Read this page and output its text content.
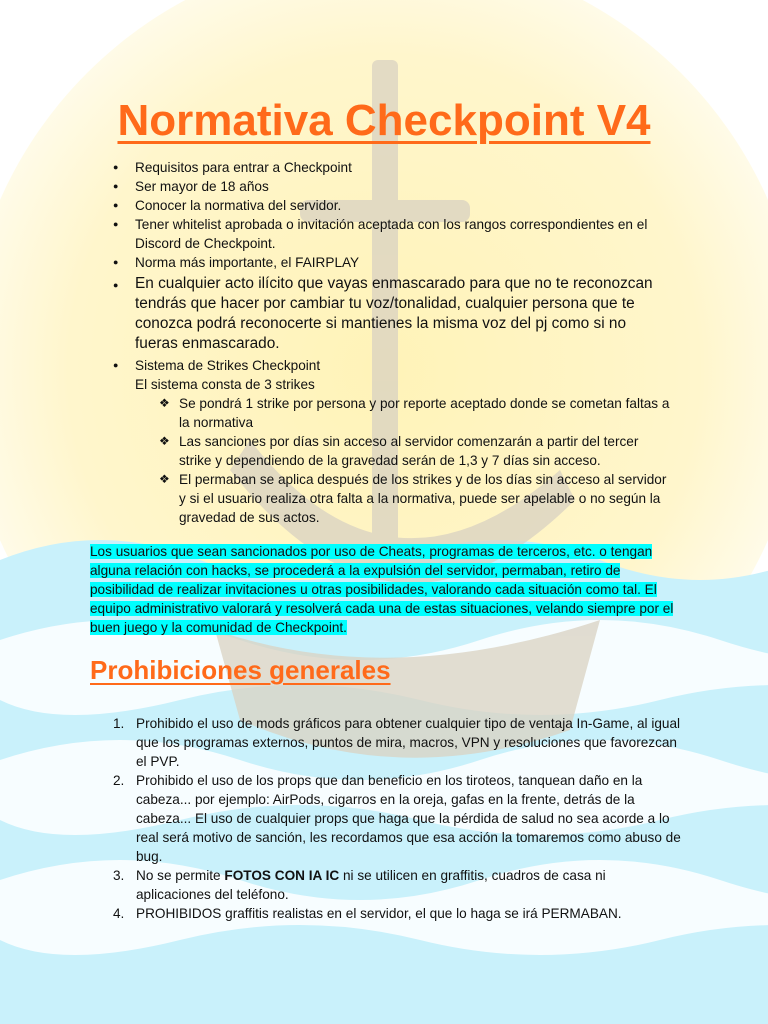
Normativa Checkpoint V4
● Requisitos para entrar a Checkpoint
● Ser mayor de 18 años
● Conocer la normativa del servidor.
● Tener whitelist aprobada o invitación aceptada con los rangos correspondientes en el Discord de Checkpoint.
● Norma más importante, el FAIRPLAY
● En cualquier acto ilícito que vayas enmascarado para que no te reconozcan tendrás que hacer por cambiar tu voz/tonalidad, cualquier persona que te conozca podrá reconocerte si mantienes la misma voz del pj como si no fueras enmascarado.
● Sistema de Strikes Checkpoint
El sistema consta de 3 strikes
❖ Se pondrá 1 strike por persona y por reporte aceptado donde se cometan faltas a la normativa
❖ Las sanciones por días sin acceso al servidor comenzarán a partir del tercer strike y dependiendo de la gravedad serán de 1,3 y 7 días sin acceso.
❖ El permaban se aplica después de los strikes y de los días sin acceso al servidor y si el usuario realiza otra falta a la normativa, puede ser apelable o no según la gravedad de sus actos.

Los usuarios que sean sancionados por uso de Cheats, programas de terceros, etc. o tengan alguna relación con hacks, se procederá a la expulsión del servidor, permaban, retiro de posibilidad de realizar invitaciones u otras posibilidades, valorando cada situación como tal. El equipo administrativo valorará y resolverá cada una de estas situaciones, velando siempre por el buen juego y la comunidad de Checkpoint.

Prohibiciones generales
1. Prohibido el uso de mods gráficos para obtener cualquier tipo de ventaja In-Game, al igual que los programas externos, puntos de mira, macros, VPN y resoluciones que favorezcan el PVP.
2. Prohibido el uso de los props que dan beneficio en los tiroteos, tanquean daño en la cabeza... por ejemplo: AirPods, cigarros en la oreja, gafas en la frente, detrás de la cabeza... El uso de cualquier props que haga que la pérdida de salud no sea acorde a lo real será motivo de sanción, les recordamos que esa acción la tomaremos como abuso de bug.
3. No se permite FOTOS CON IA IC ni se utilicen en graffitis, cuadros de casa ni aplicaciones del teléfono.
4. PROHIBIDOS graffitis realistas en el servidor, el que lo haga se irá PERMABAN.
